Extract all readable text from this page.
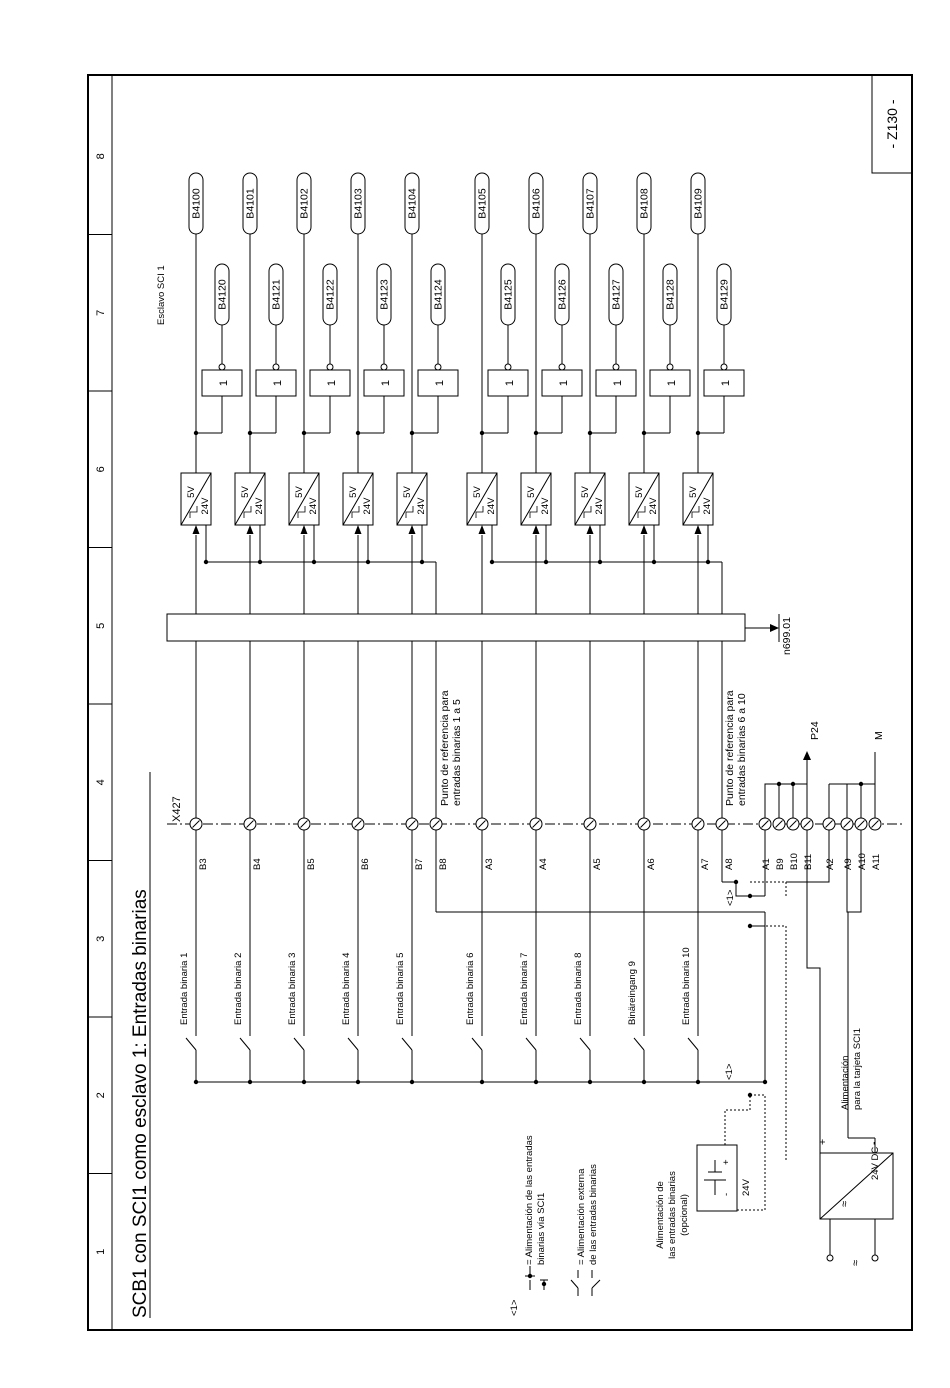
1
2
3
4
5
6
7
8
- Z130 -
SCB1 con SCI1 como esclavo 1: Entradas binarias
X427
Entrada binaria 1
B3
5V
24V
B4100
1
B4120
Entrada binaria 2
B4
5V
24V
B4101
1
B4121
Entrada binaria 3
B5
5V
24V
B4102
1
B4122
Entrada binaria 4
B6
5V
24V
B4103
1
B4123
Entrada binaria 5
B7
5V
24V
B4104
1
B4124
Entrada binaria 6
A3
5V
24V
B4105
1
B4125
Entrada binaria 7
A4
5V
24V
B4106
1
B4126
Entrada binaria 8
A5
5V
24V
B4107
1
B4127
Binäreingang 9
A6
5V
24V
B4108
1
B4128
Entrada binaria 10
A7
5V
24V
B4109
1
B4129
B8	A8
<1>
<1>
A1 B9 B10 B11 A2 A9 A10 A11
P24	M
n699.01
Punto de referencia para entradas binarias 1 a 5	Punto de referencia para entradas binarias 6 a 10
Esclavo SCI 1
<1>
= Alimentación de las entradas binarias vía SCI1	= Alimentación externa de las entradas binarias	Alimentación de las entradas binarias (opcional)
+
- 24V
≈
24V DC
+	-
Alimentación para la tarjeta SCI1
≈
